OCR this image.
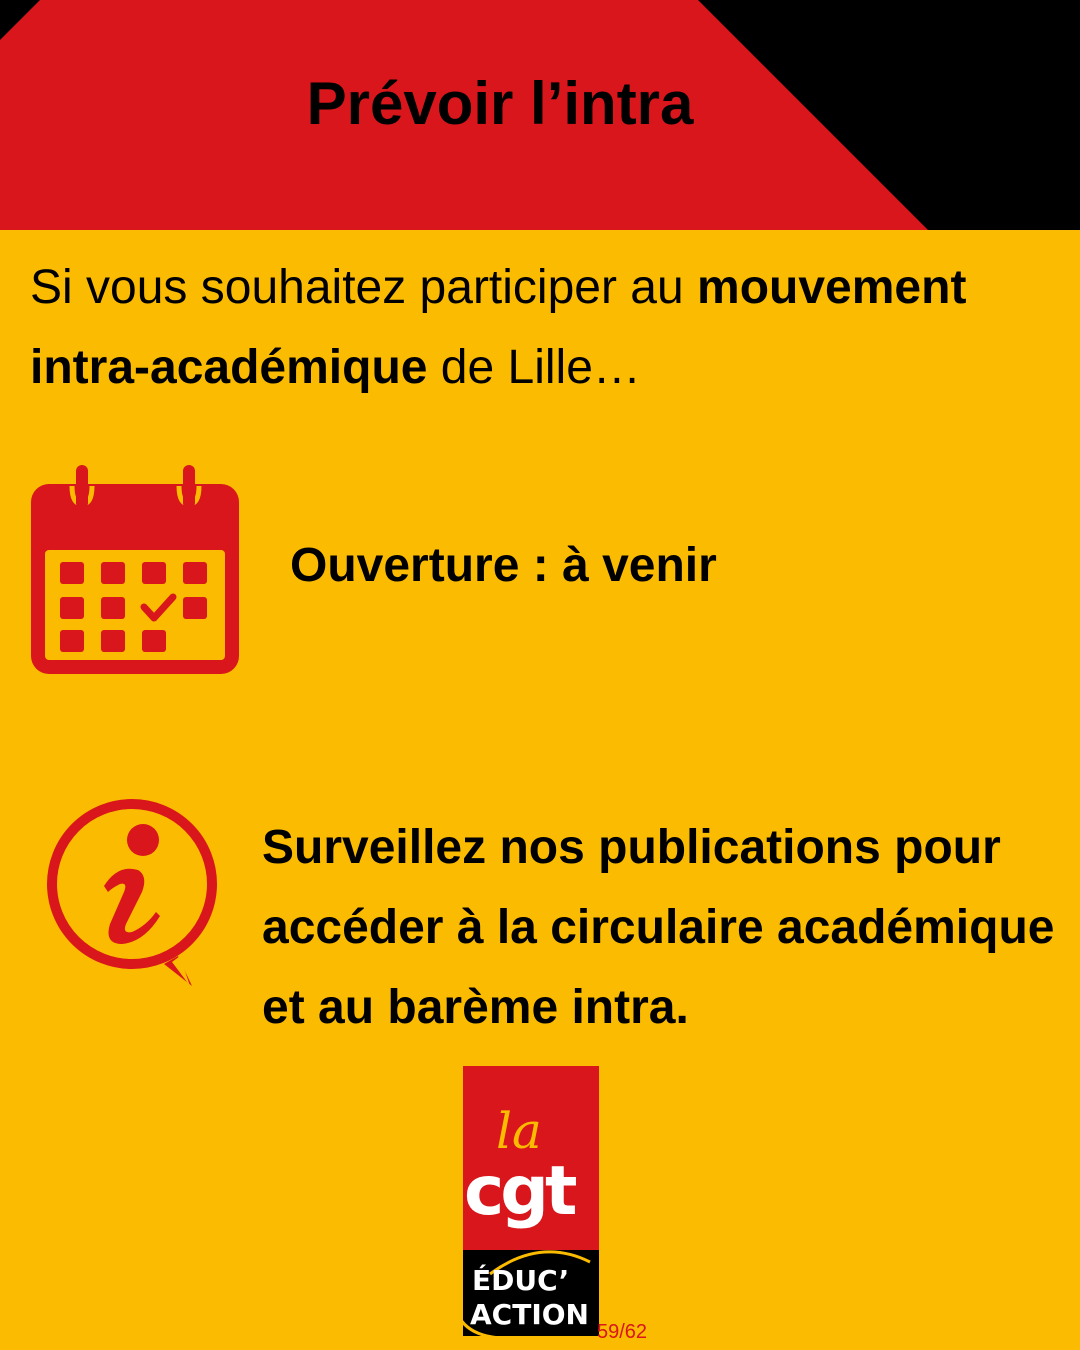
Prévoir l’intra
Si vous souhaitez participer au mouvement intra-académique de Lille…
Ouverture : à venir
Surveillez nos publications pour accéder à la circulaire académique et au barème intra.
la
cgt
ÉDUC’
ACTION
59/62
